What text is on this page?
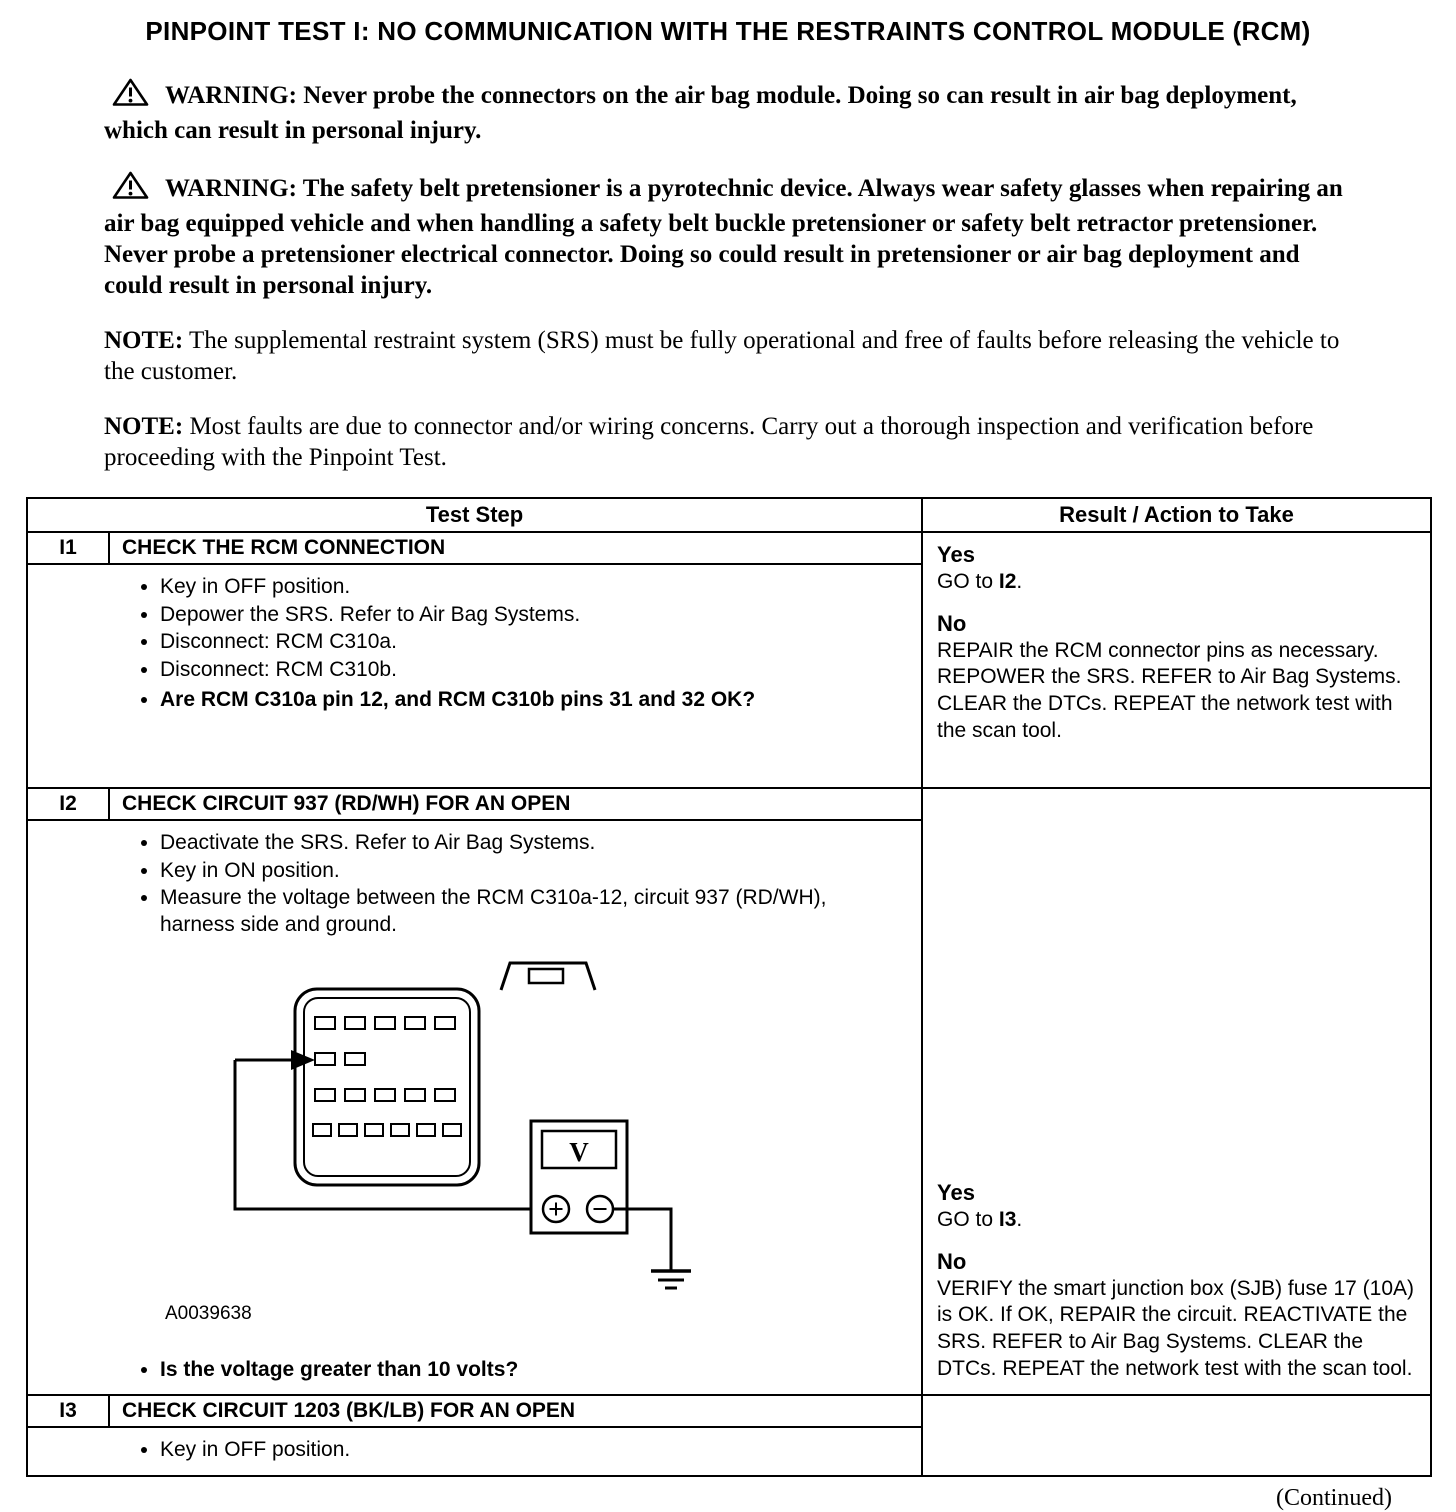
PINPOINT TEST I: NO COMMUNICATION WITH THE RESTRAINTS CONTROL MODULE (RCM)

WARNING: Never probe the connectors on the air bag module. Doing so can result in air bag deployment, which can result in personal injury.

WARNING: The safety belt pretensioner is a pyrotechnic device. Always wear safety glasses when repairing an air bag equipped vehicle and when handling a safety belt buckle pretensioner or safety belt retractor pretensioner. Never probe a pretensioner electrical connector. Doing so could result in pretensioner or air bag deployment and could result in personal injury.

NOTE: The supplemental restraint system (SRS) must be fully operational and free of faults before releasing the vehicle to the customer.

NOTE: Most faults are due to connector and/or wiring concerns. Carry out a thorough inspection and verification before proceeding with the Pinpoint Test.

Test Step		Result / Action to Take
I1	CHECK THE RCM CONNECTION	Yes
GO to I2.
No
REPAIR the RCM connector pins as necessary. REPOWER the SRS. REFER to Air Bag Systems. CLEAR the DTCs. REPEAT the network test with the scan tool.

• Key in OFF position.
• Depower the SRS. Refer to Air Bag Systems.
• Disconnect: RCM C310a.
• Disconnect: RCM C310b.
• Are RCM C310a pin 12, and RCM C310b pins 31 and 32 OK?

I2	CHECK CIRCUIT 937 (RD/WH) FOR AN OPEN	Yes
GO to I3.
No
VERIFY the smart junction box (SJB) fuse 17 (10A) is OK. If OK, REPAIR the circuit. REACTIVATE the SRS. REFER to Air Bag Systems. CLEAR the DTCs. REPEAT the network test with the scan tool.

• Deactivate the SRS. Refer to Air Bag Systems.
• Key in ON position.
• Measure the voltage between the RCM C310a-12, circuit 937 (RD/WH), harness side and ground.
V
A0039638
• Is the voltage greater than 10 volts?

I3	CHECK CIRCUIT 1203 (BK/LB) FOR AN OPEN	

• Key in OFF position.
(Continued)
